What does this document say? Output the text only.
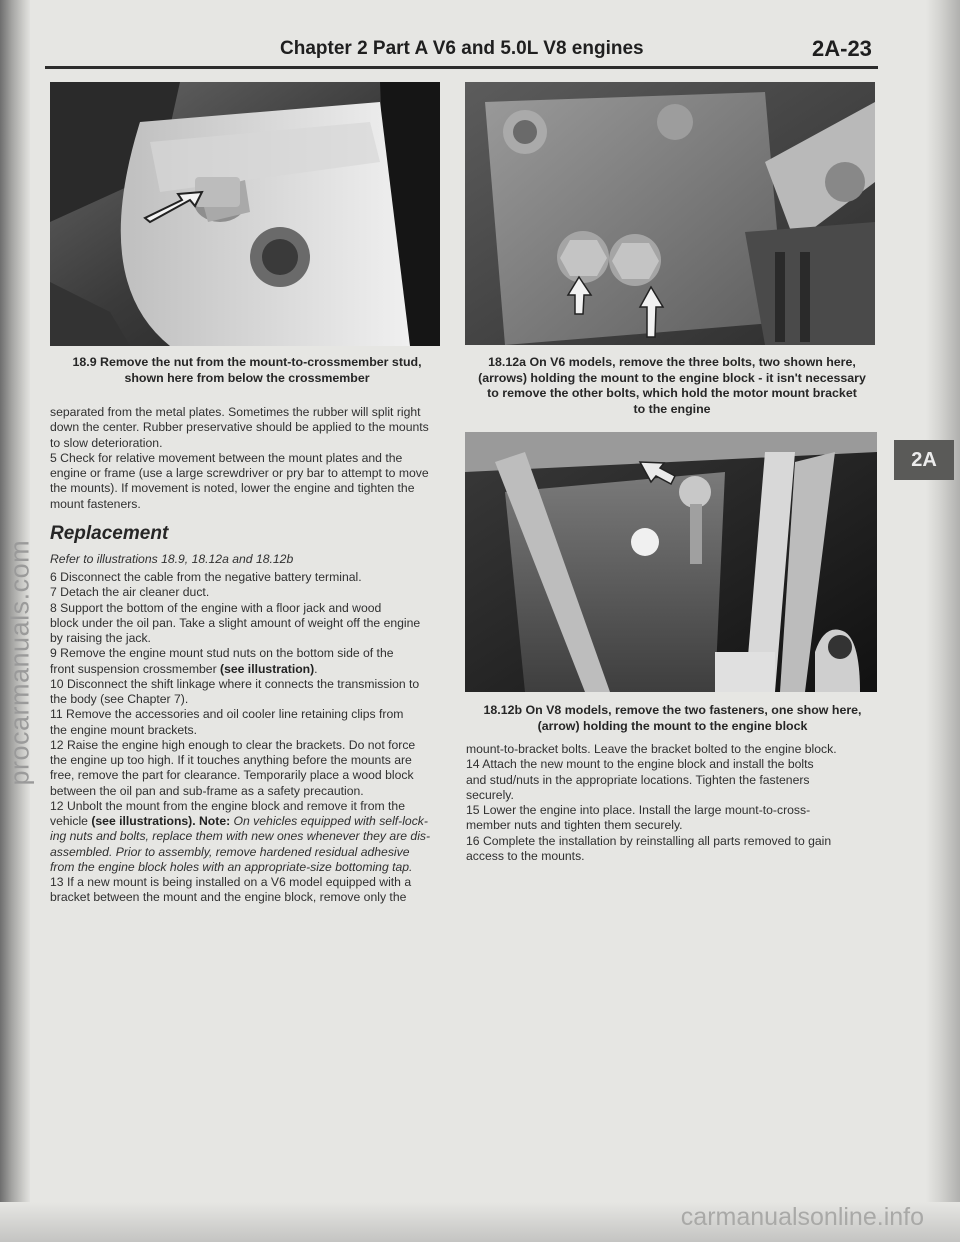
procarmanuals.com
Chapter 2 Part A V6 and 5.0L V8 engines	2A-23
18.9 Remove the nut from the mount-to-crossmember stud,
shown here from below the crossmember
18.12a On V6 models, remove the three bolts, two shown here,
(arrows) holding the mount to the engine block - it isn't necessary
to remove the other bolts, which hold the motor mount bracket
to the engine
18.12b On V8 models, remove the two fasteners, one show here,
(arrow) holding the mount to the engine block
2A

separated from the metal plates. Sometimes the rubber will split right

down the center. Rubber preservative should be applied to the mounts

to slow deterioration.

5 Check for relative movement between the mount plates and the

engine or frame (use a large screwdriver or pry bar to attempt to move

the mounts). If movement is noted, lower the engine and tighten the

mount fasteners.

Replacement
Refer to illustrations 18.9, 18.12a and 18.12b

6 Disconnect the cable from the negative battery terminal.

7 Detach the air cleaner duct.

8 Support the bottom of the engine with a floor jack and wood

block under the oil pan. Take a slight amount of weight off the engine

by raising the jack.

9 Remove the engine mount stud nuts on the bottom side of the

front suspension crossmember (see illustration).

10 Disconnect the shift linkage where it connects the transmission to

the body (see Chapter 7).

11 Remove the accessories and oil cooler line retaining clips from

the engine mount brackets.

12 Raise the engine high enough to clear the brackets. Do not force

the engine up too high. If it touches anything before the mounts are

free, remove the part for clearance. Temporarily place a wood block

between the oil pan and sub-frame as a safety precaution.

12 Unbolt the mount from the engine block and remove it from the

vehicle (see illustrations). Note: On vehicles equipped with self-lock-

ing nuts and bolts, replace them with new ones whenever they are dis-

assembled. Prior to assembly, remove hardened residual adhesive

from the engine block holes with an appropriate-size bottoming tap.

13 If a new mount is being installed on a V6 model equipped with a

bracket between the mount and the engine block, remove only the

mount-to-bracket bolts. Leave the bracket bolted to the engine block.

14 Attach the new mount to the engine block and install the bolts

and stud/nuts in the appropriate locations. Tighten the fasteners

securely.

15 Lower the engine into place. Install the large mount-to-cross-

member nuts and tighten them securely.

16 Complete the installation by reinstalling all parts removed to gain

access to the mounts.

carmanualsonline.info
